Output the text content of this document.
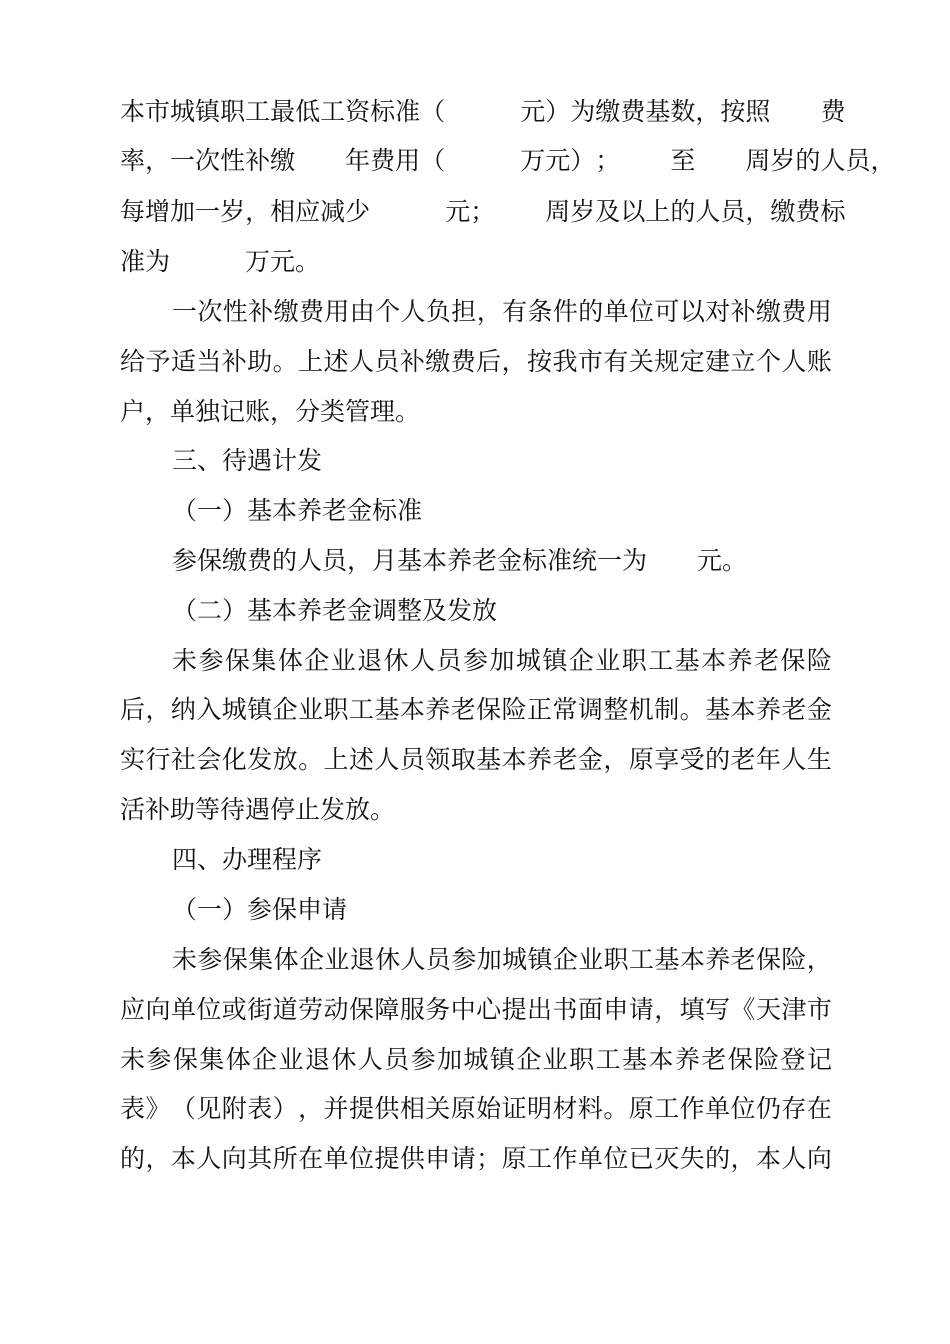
本 市 城 镇 职 工 最 低 工 资 标 准 （

　	元 ） 为 缴 费 基 数 ， 按 照

　 费
率 ， 一 次 性 补 缴

　 年 费 用 （

　	万 元 ） ；

　 至

　 周 岁 的 人 员 ，
每 增 加 一 岁 ， 相 应 减 少

　	元 ；

　 周 岁 及 以 上 的 人 员 ， 缴 费 标
准为　　　万元。
一 次 性 补 缴 费 用 由 个 人 负 担 ， 有 条 件 的 单 位 可 以 对 补 缴 费 用
给 予 适 当 补 助 。 上 述 人 员 补 缴 费 后 ， 按 我 市 有 关 规 定 建 立 个 人 账
户，单独记账，分类管理。
三、待遇计发
（一）基本养老金标准
参保缴费的人员，月基本养老金标准统一为　　元。
（二）基本养老金调整及发放
未 参 保 集 体 企 业 退 休 人 员 参 加 城 镇 企 业 职 工 基 本 养 老 保 险
后 ， 纳 入 城 镇 企 业 职 工 基 本 养 老 保 险 正 常 调 整 机 制 。 基 本 养 老 金
实 行 社 会 化 发 放 。 上 述 人 员 领 取 基 本 养 老 金 ， 原 享 受 的 老 年 人 生
活补助等待遇停止发放。
四、办理程序
（一）参保申请
未 参 保 集 体 企 业 退 休 人 员 参 加 城 镇 企 业 职 工 基 本 养 老 保 险 ，
应 向 单 位 或 街 道 劳 动 保 障 服 务 中 心 提 出 书 面 申 请 ， 填 写 《 天 津 市
未 参 保 集 体 企 业 退 休 人 员 参 加 城 镇 企 业 职 工 基 本 养 老 保 险 登 记
表 》 （ 见 附 表 ） ， 并 提 供 相 关 原 始 证 明 材 料 。 原 工 作 单 位 仍 存 在
的 ， 本 人 向 其 所 在 单 位 提 供 申 请 ； 原 工 作 单 位 已 灭 失 的 ， 本 人 向
